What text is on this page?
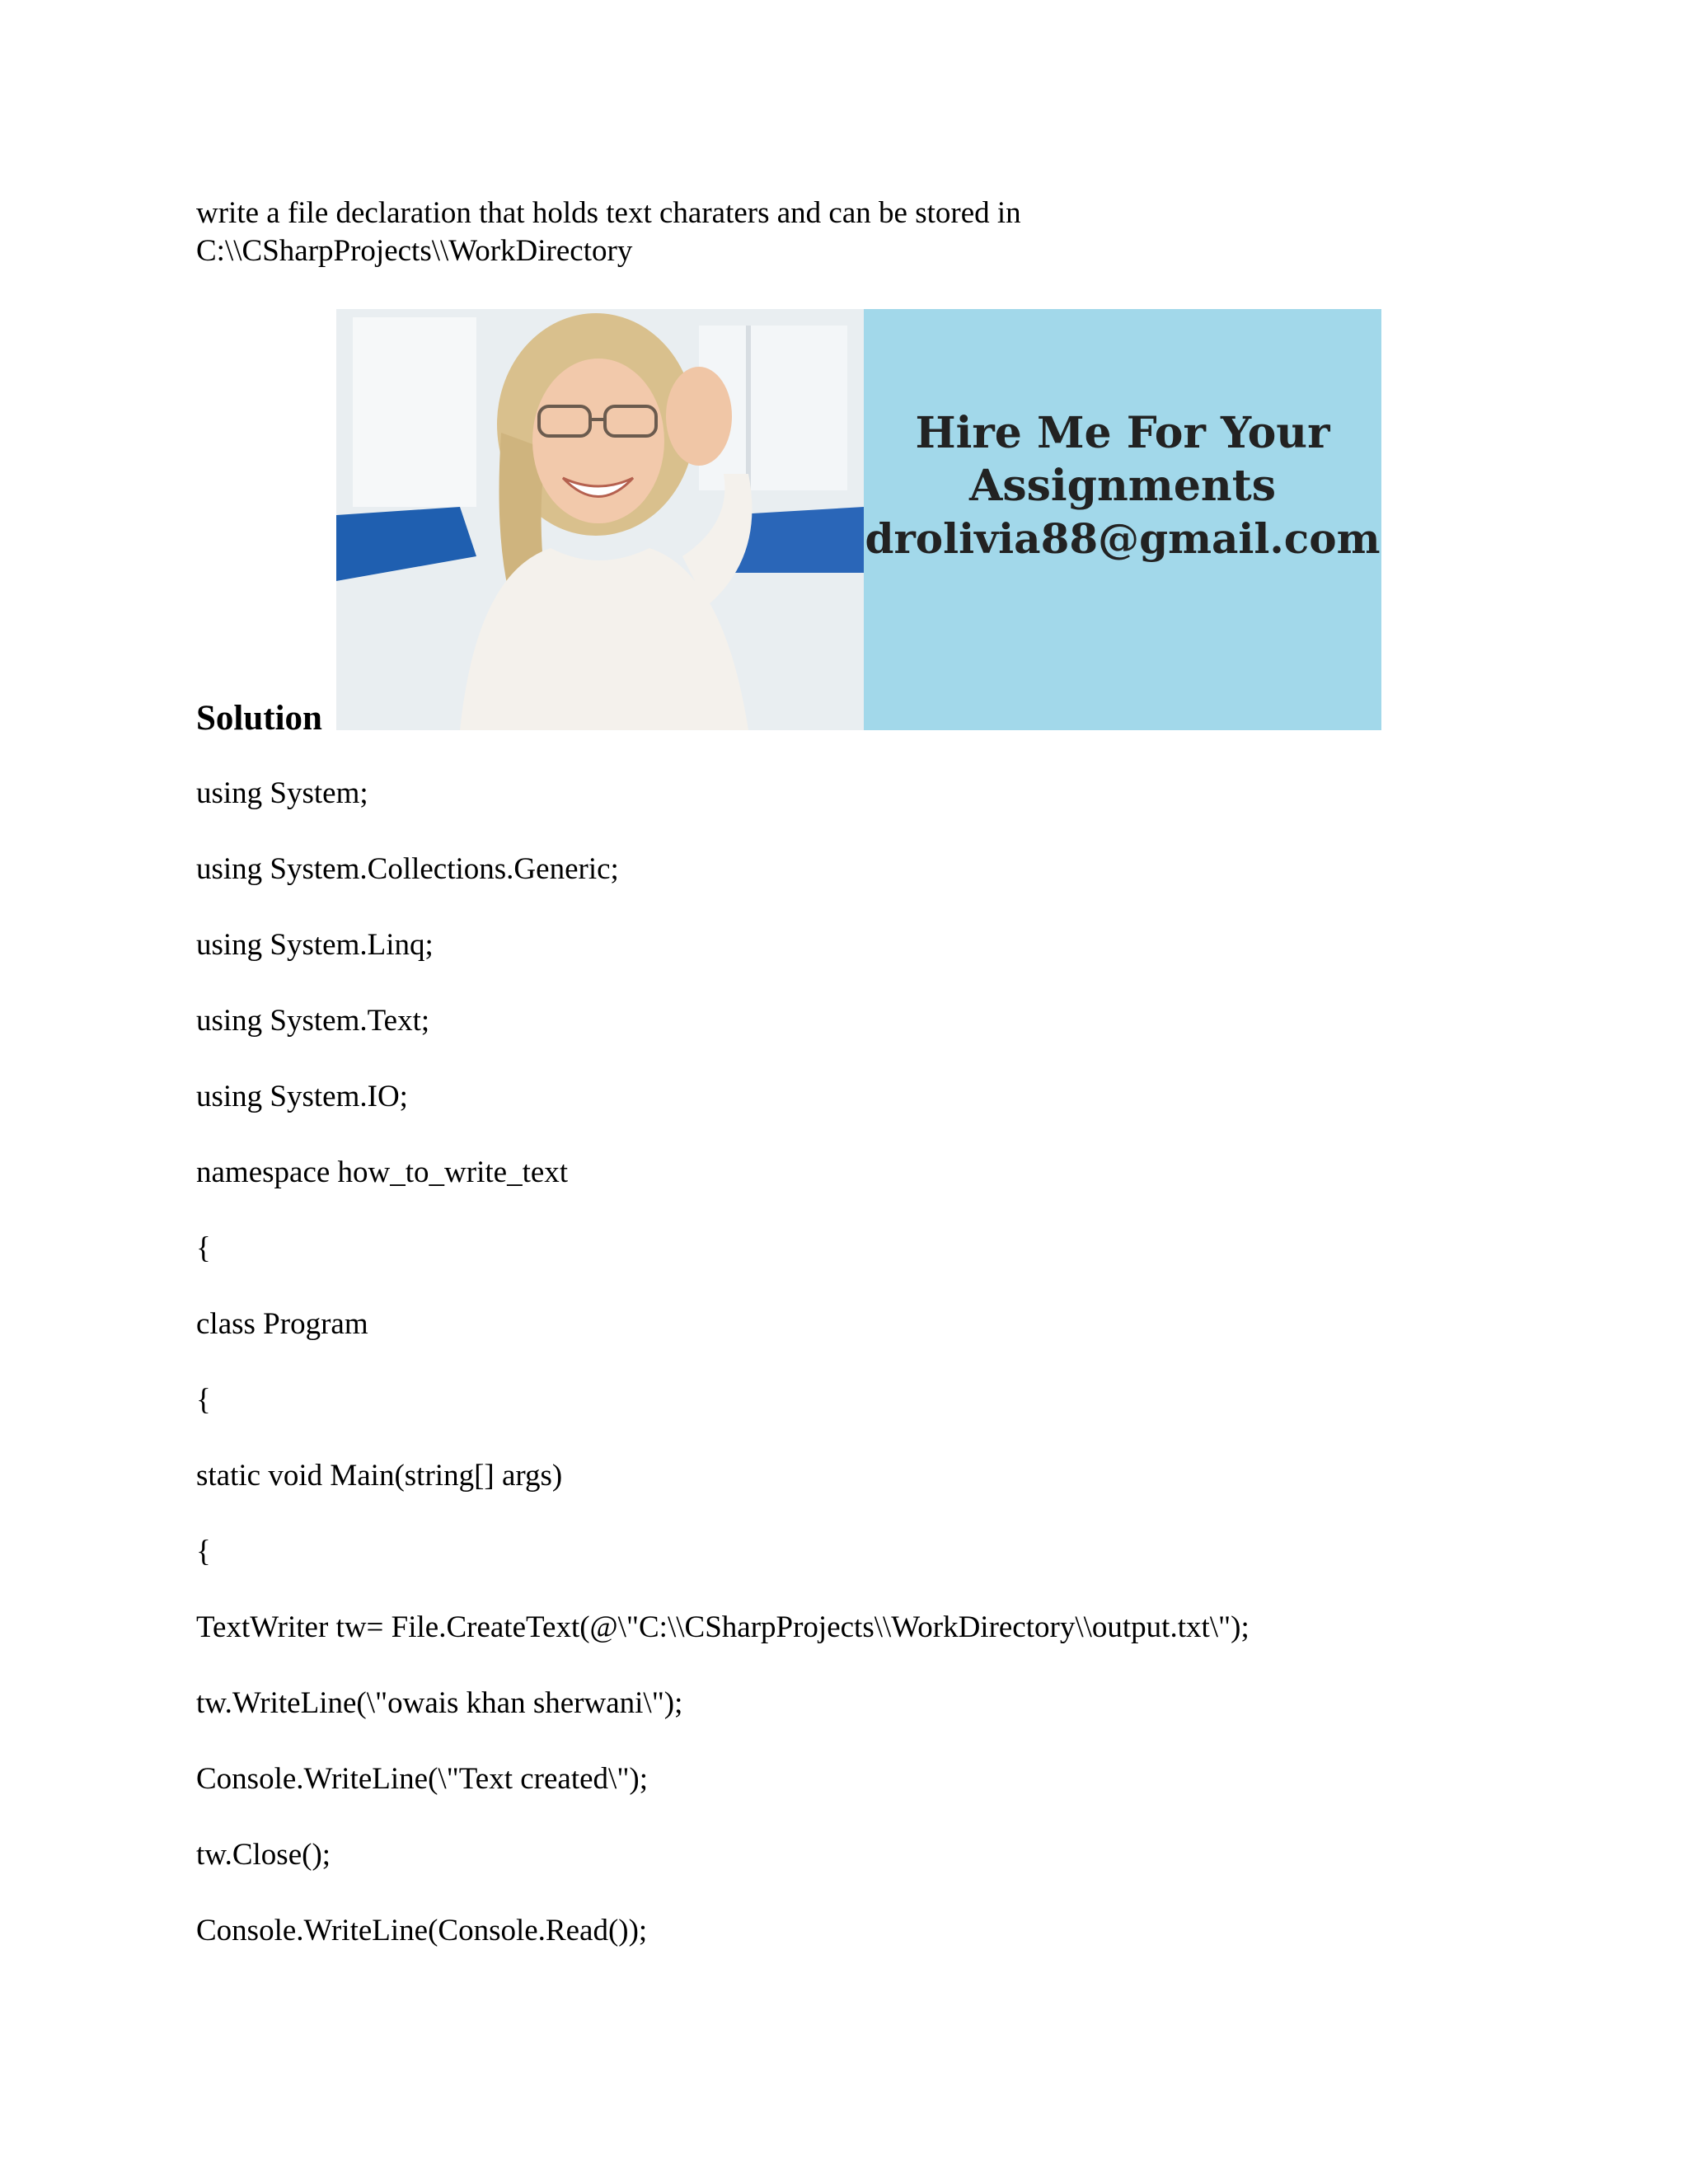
write a file declaration that holds text charaters and can be stored in

C:\\CSharpProjects\\WorkDirectory

Hire Me For Your
Assignments
drolivia88@gmail.com
Solution
using System;
using System.Collections.Generic;
using System.Linq;
using System.Text;
using System.IO;
namespace how_to_write_text
{
class Program
{
static void Main(string[] args)
{
TextWriter tw= File.CreateText(@\"C:\\CSharpProjects\\WorkDirectory\\output.txt\");
tw.WriteLine(\"owais khan sherwani\");
Console.WriteLine(\"Text created\");
tw.Close();
Console.WriteLine(Console.Read());
